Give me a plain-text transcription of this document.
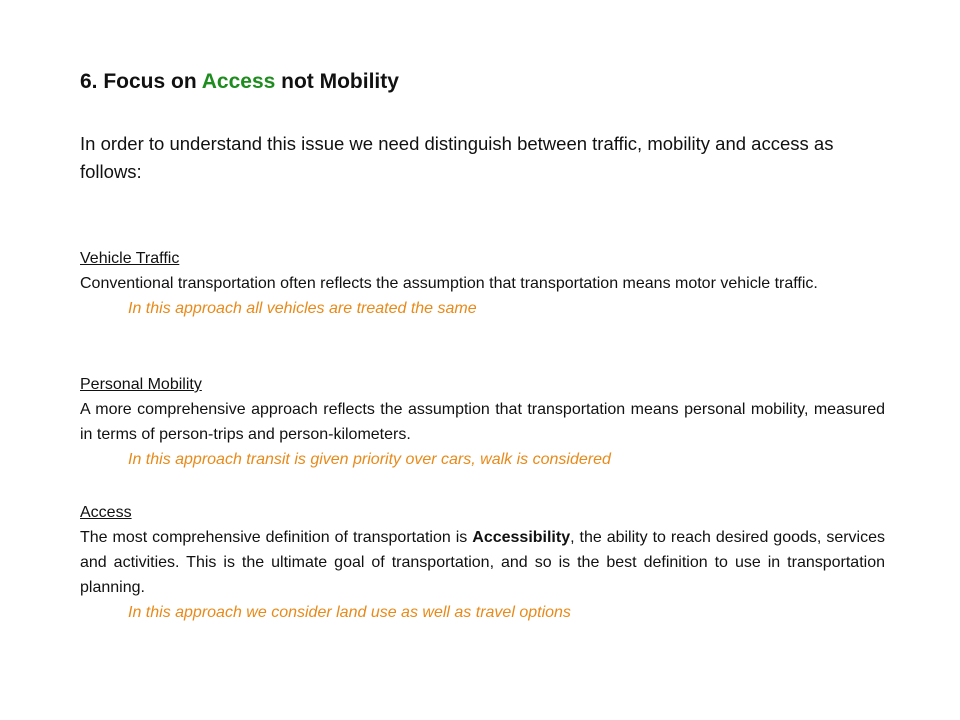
6. Focus on Access not Mobility
In order to understand this issue we need distinguish between traffic, mobility and access as follows:
Vehicle Traffic
Conventional transportation often reflects the assumption that transportation means motor vehicle traffic.
In this approach all vehicles are treated the same
Personal Mobility
A more comprehensive approach reflects the assumption that transportation means personal mobility, measured in terms of person-trips and person-kilometers.
In this approach transit is given priority over cars, walk is considered
Access
The most comprehensive definition of transportation is Accessibility, the ability to reach desired goods, services and activities. This is the ultimate goal of transportation, and so is the best definition to use in transportation planning.
In this approach we consider land use as well as travel options
